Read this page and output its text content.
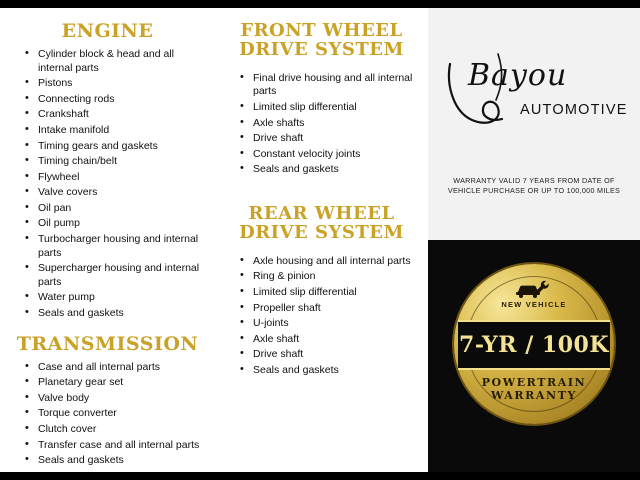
ENGINE
• Cylinder block & head and all internal parts
• Pistons
• Connecting rods
• Crankshaft
• Intake manifold
• Timing gears and gaskets
• Timing chain/belt
• Flywheel
• Valve covers
• Oil pan
• Oil pump
• Turbocharger housing and internal parts
• Supercharger housing and internal parts
• Water pump
• Seals and gaskets
TRANSMISSION
• Case and all internal parts
• Planetary gear set
• Valve body
• Torque converter
• Clutch cover
• Transfer case and all internal parts
• Seals and gaskets
FRONT WHEEL DRIVE SYSTEM
• Final drive housing and all internal parts
• Limited slip differential
• Axle shafts
• Drive shaft
• Constant velocity joints
• Seals and gaskets
REAR WHEEL DRIVE SYSTEM
• Axle housing and all internal parts
• Ring & pinion
• Limited slip differential
• Propeller shaft
• U-joints
• Axle shaft
• Drive shaft
• Seals and gaskets
Bayou
AUTOMOTIVE
WARRANTY VALID 7 YEARS FROM DATE OF VEHICLE PURCHASE OR UP TO 100,000 MILES
NEW VEHICLE
7-YR / 100K
POWERTRAIN WARRANTY
